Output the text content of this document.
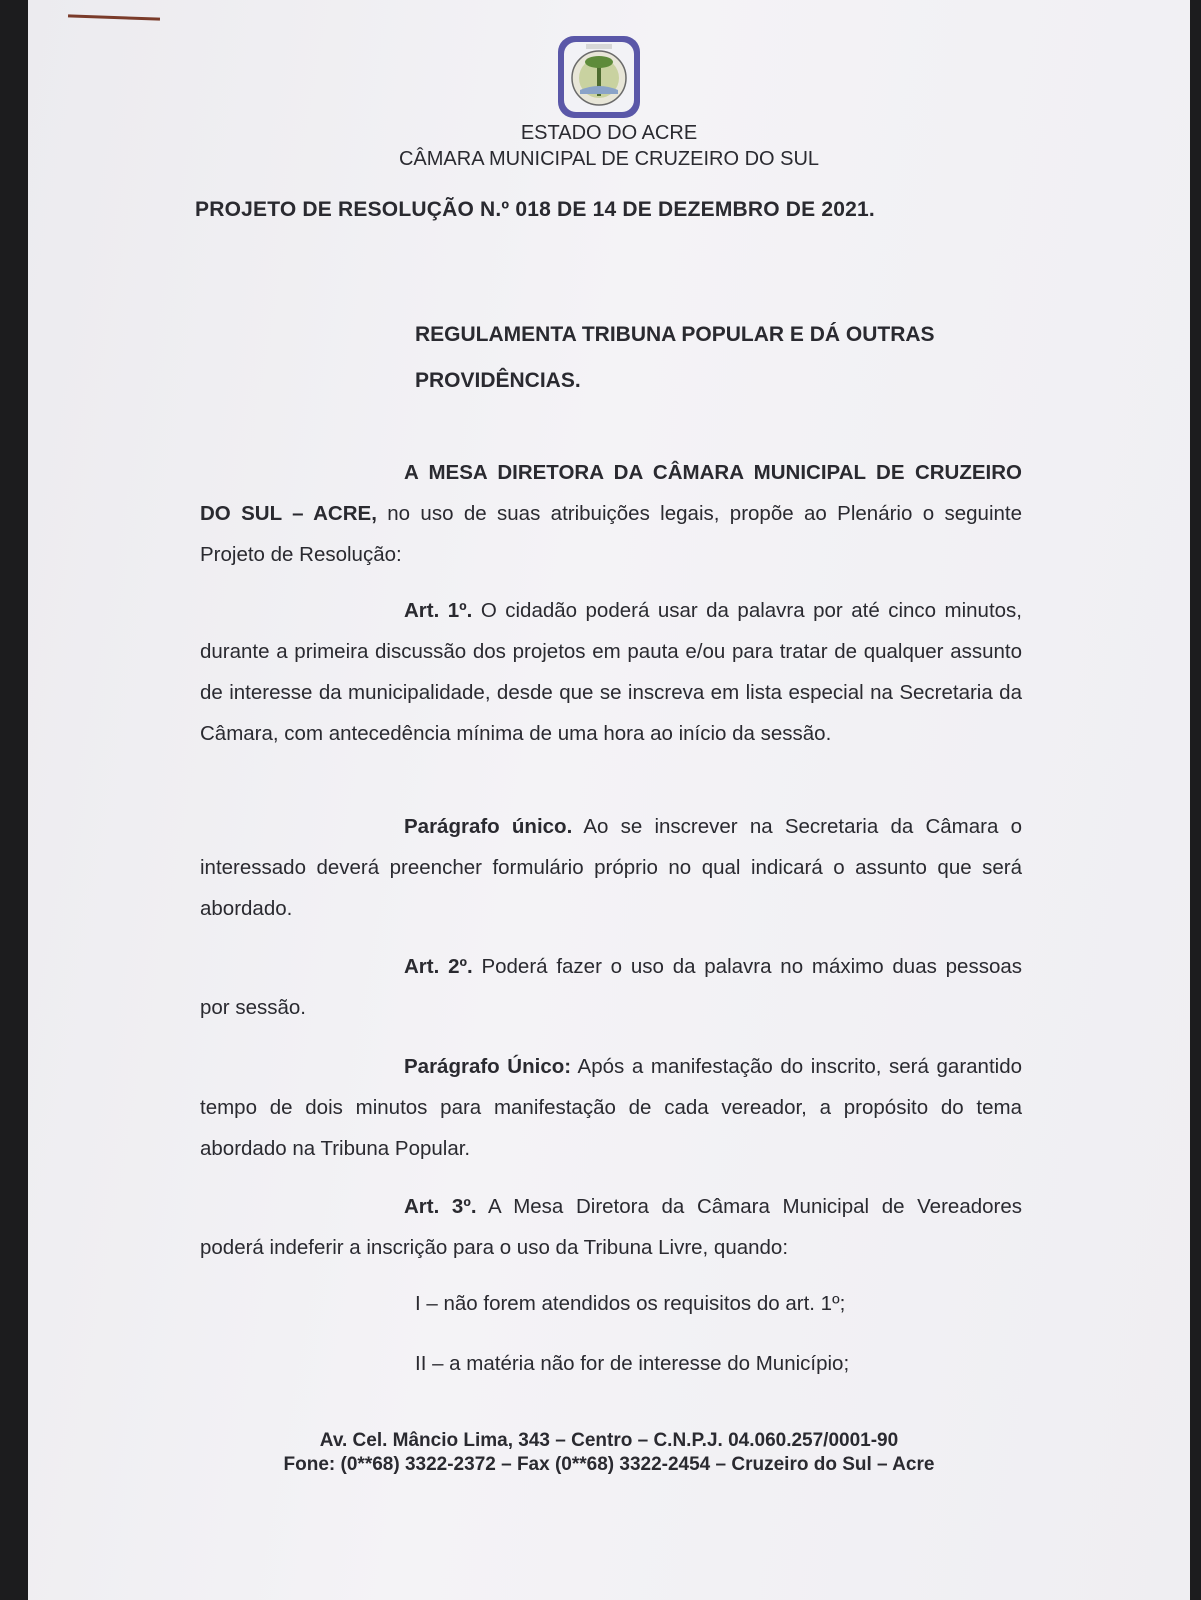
ESTADO DO ACRE
CÂMARA MUNICIPAL DE CRUZEIRO DO SUL
PROJETO DE RESOLUÇÃO N.º 018 DE 14 DE DEZEMBRO DE 2021.
REGULAMENTA TRIBUNA POPULAR E DÁ OUTRAS PROVIDÊNCIAS.
A MESA DIRETORA DA CÂMARA MUNICIPAL DE CRUZEIRO DO SUL – ACRE, no uso de suas atribuições legais, propõe ao Plenário o seguinte Projeto de Resolução:
Art. 1º. O cidadão poderá usar da palavra por até cinco minutos, durante a primeira discussão dos projetos em pauta e/ou para tratar de qualquer assunto de interesse da municipalidade, desde que se inscreva em lista especial na Secretaria da Câmara, com antecedência mínima de uma hora ao início da sessão.
Parágrafo único. Ao se inscrever na Secretaria da Câmara o interessado deverá preencher formulário próprio no qual indicará o assunto que será abordado.
Art. 2º. Poderá fazer o uso da palavra no máximo duas pessoas por sessão.
Parágrafo Único: Após a manifestação do inscrito, será garantido tempo de dois minutos para manifestação de cada vereador, a propósito do tema abordado na Tribuna Popular.
Art. 3º. A Mesa Diretora da Câmara Municipal de Vereadores poderá indeferir a inscrição para o uso da Tribuna Livre, quando:
I – não forem atendidos os requisitos do art. 1º;
II – a matéria não for de interesse do Município;
Av. Cel. Mâncio Lima, 343 – Centro – C.N.P.J. 04.060.257/0001-90
Fone: (0**68) 3322-2372 – Fax (0**68) 3322-2454 – Cruzeiro do Sul – Acre
